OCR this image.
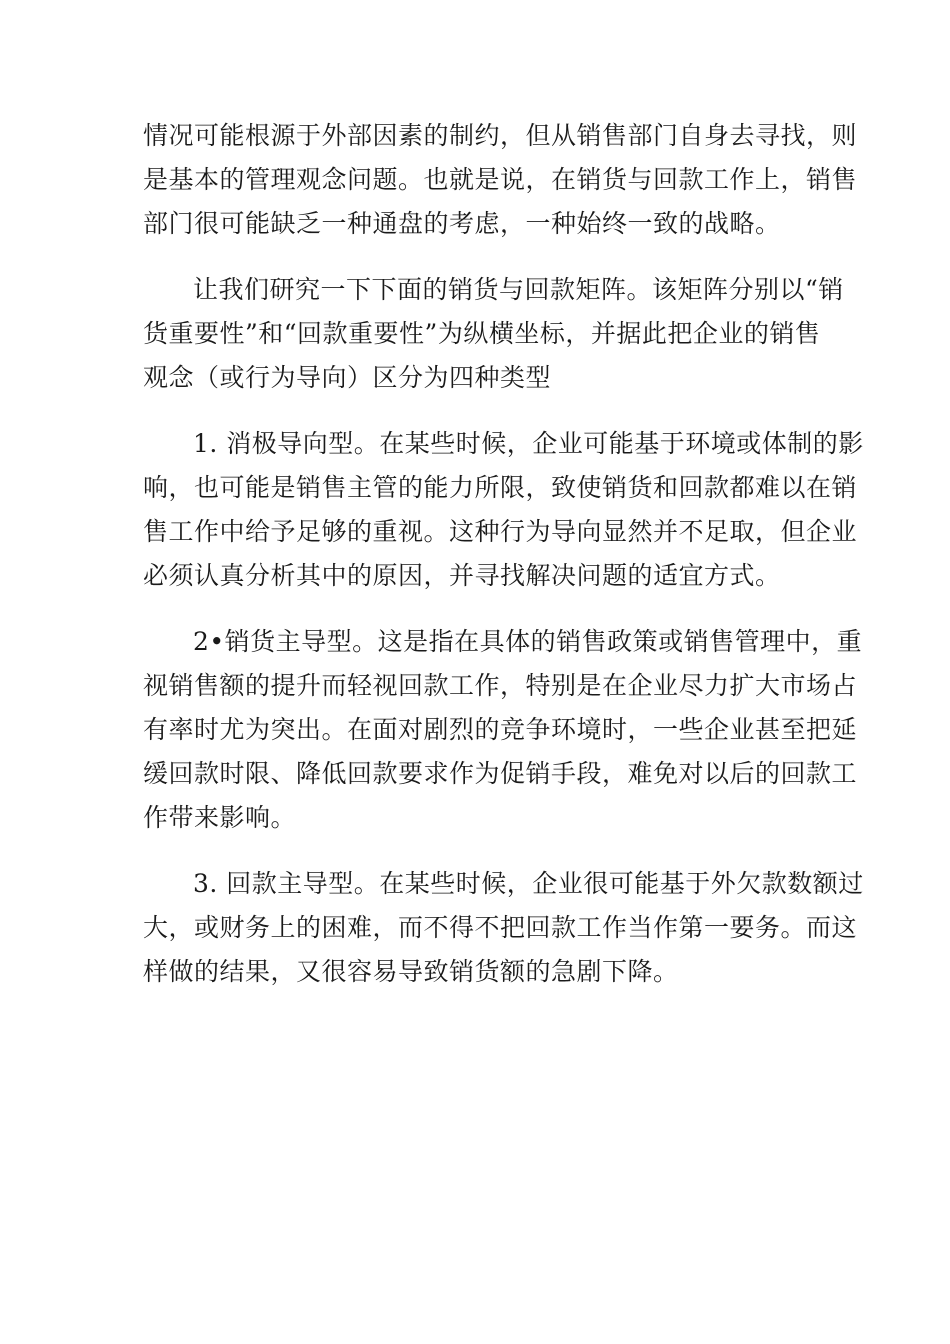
情况可能根源于外部因素的制约，但从销售部门自身去寻找，则
是基本的管理观念问题。也就是说，在销货与回款工作上，销售
部门很可能缺乏一种通盘的考虑，一种始终一致的战略。
让我们研究一下下面的销货与回款矩阵。该矩阵分别以“销
货重要性”和“回款重要性”为纵横坐标，并据此把企业的销售
观念（或行为导向）区分为四种类型
1. 消极导向型。在某些时候，企业可能基于环境或体制的影
响，也可能是销售主管的能力所限，致使销货和回款都难以在销
售工作中给予足够的重视。这种行为导向显然并不足取，但企业
必须认真分析其中的原因，并寻找解决问题的适宜方式。
2•销货主导型。这是指在具体的销售政策或销售管理中，重
视销售额的提升而轻视回款工作，特别是在企业尽力扩大市场占
有率时尤为突出。在面对剧烈的竞争环境时，一些企业甚至把延
缓回款时限、降低回款要求作为促销手段，难免对以后的回款工
作带来影响。
3. 回款主导型。在某些时候，企业很可能基于外欠款数额过
大，或财务上的困难，而不得不把回款工作当作第一要务。而这
样做的结果，又很容易导致销货额的急剧下降。
